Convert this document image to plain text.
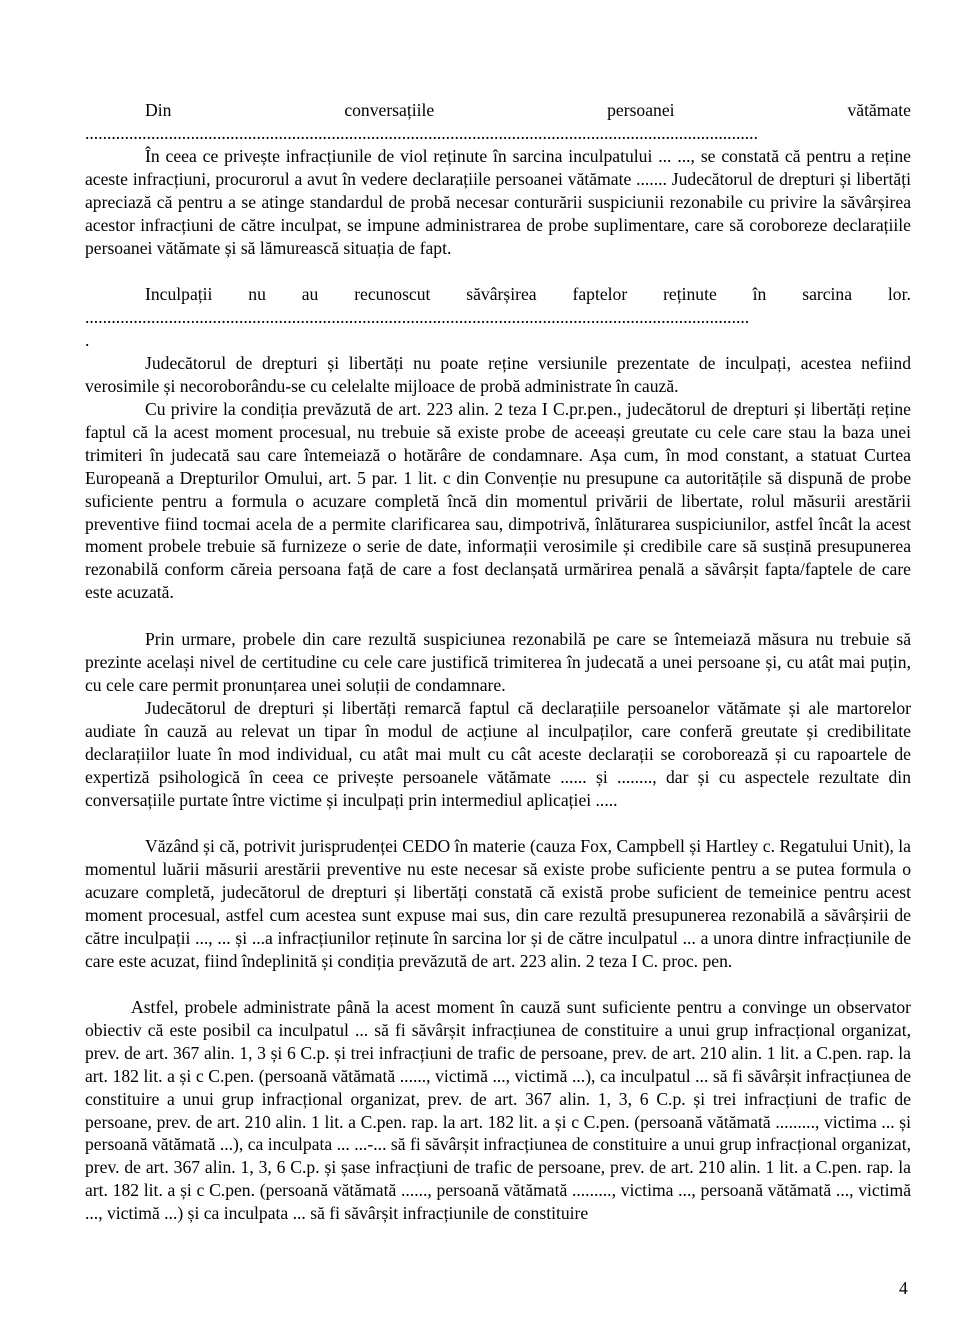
Din	conversațiile	persoanei	vătămate
.........................................................................................................................................................

În ceea ce privește infracțiunile de viol reținute în sarcina inculpatului ... ..., se constată că pentru a reține aceste infracțiuni, procurorul a avut în vedere declarațiile persoanei vătămate ....... Judecătorul de drepturi și libertăți apreciază că pentru a se atinge standardul de probă necesar conturării suspiciunii rezonabile cu privire la săvârșirea acestor infracțiuni de către inculpat, se impune administrarea de probe suplimentare, care să coroboreze declarațiile persoanei vătămate și să lămurească situația de fapt.

Inculpații nu au recunoscut săvârșirea faptelor reținute în sarcina lor.
.......................................................................................................................................................
.

Judecătorul de drepturi și libertăți nu poate reține versiunile prezentate de inculpați, acestea nefiind verosimile și necoroborându-se cu celelalte mijloace de probă administrate în cauză.

Cu privire la condiția prevăzută de art. 223 alin. 2 teza I C.pr.pen., judecătorul de drepturi și libertăți reține faptul că la acest moment procesual, nu trebuie să existe probe de aceeași greutate cu cele care stau la baza unei trimiteri în judecată sau care întemeiază o hotărâre de condamnare. Așa cum, în mod constant, a statuat Curtea Europeană a Drepturilor Omului, art. 5 par. 1 lit. c din Convenție nu presupune ca autoritățile să dispună de probe suficiente pentru a formula o acuzare completă încă din momentul privării de libertate, rolul măsurii arestării preventive fiind tocmai acela de a permite clarificarea sau, dimpotrivă, înlăturarea suspiciunilor, astfel încât la acest moment probele trebuie să furnizeze o serie de date, informații verosimile și credibile care să susțină presupunerea rezonabilă conform căreia persoana față de care a fost declanșată urmărirea penală a săvârșit fapta/faptele de care este acuzată.

Prin urmare, probele din care rezultă suspiciunea rezonabilă pe care se întemeiază măsura nu trebuie să prezinte același nivel de certitudine cu cele care justifică trimiterea în judecată a unei persoane și, cu atât mai puțin, cu cele care permit pronunțarea unei soluții de condamnare.

Judecătorul de drepturi și libertăți remarcă faptul că declarațiile persoanelor vătămate și ale martorelor audiate în cauză au relevat un tipar în modul de acțiune al inculpaților, care conferă greutate și credibilitate declarațiilor luate în mod individual, cu atât mai mult cu cât aceste declarații se coroborează și cu rapoartele de expertiză psihologică în ceea ce privește persoanele vătămate ...... și ........, dar și cu aspectele rezultate din conversațiile purtate între victime și inculpați prin intermediul aplicației .....

Văzând și că, potrivit jurisprudenței CEDO în materie (cauza Fox, Campbell și Hartley c. Regatului Unit), la momentul luării măsurii arestării preventive nu este necesar să existe probe suficiente pentru a se putea formula o acuzare completă, judecătorul de drepturi și libertăți constată că există probe suficient de temeinice pentru acest moment procesual, astfel cum acestea sunt expuse mai sus, din care rezultă presupunerea rezonabilă a săvârșirii de către inculpații ..., ... și ...a infracțiunilor reținute în sarcina lor și de către inculpatul ... a unora dintre infracțiunile de care este acuzat, fiind îndeplinită și condiția prevăzută de art. 223 alin. 2 teza I C. proc. pen.

Astfel, probele administrate până la acest moment în cauză sunt suficiente pentru a convinge un observator obiectiv că este posibil ca inculpatul ... să fi săvârșit infracțiunea de constituire a unui grup infracțional organizat, prev. de art. 367 alin. 1, 3 și 6 C.p. și trei infracțiuni de trafic de persoane, prev. de art. 210 alin. 1 lit. a C.pen. rap. la art. 182 lit. a și c C.pen. (persoană vătămată ......, victimă ..., victimă ...), ca inculpatul ... să fi săvârșit infracțiunea de constituire a unui grup infracțional organizat, prev. de art. 367 alin. 1, 3, 6 C.p. și trei infracțiuni de trafic de persoane, prev. de art. 210 alin. 1 lit. a C.pen. rap. la art. 182 lit. a și c C.pen. (persoană vătămată ........., victima ... și persoană vătămată ...), ca inculpata ... ...-... să fi săvârșit infracțiunea de constituire a unui grup infracțional organizat, prev. de art. 367 alin. 1, 3, 6 C.p. și șase infracțiuni de trafic de persoane, prev. de art. 210 alin. 1 lit. a C.pen. rap. la art. 182 lit. a și c C.pen. (persoană vătămată ......, persoană vătămată ........., victima ..., persoană vătămată ..., victimă ..., victimă ...) și ca inculpata ... să fi săvârșit infracțiunile de constituire

4
